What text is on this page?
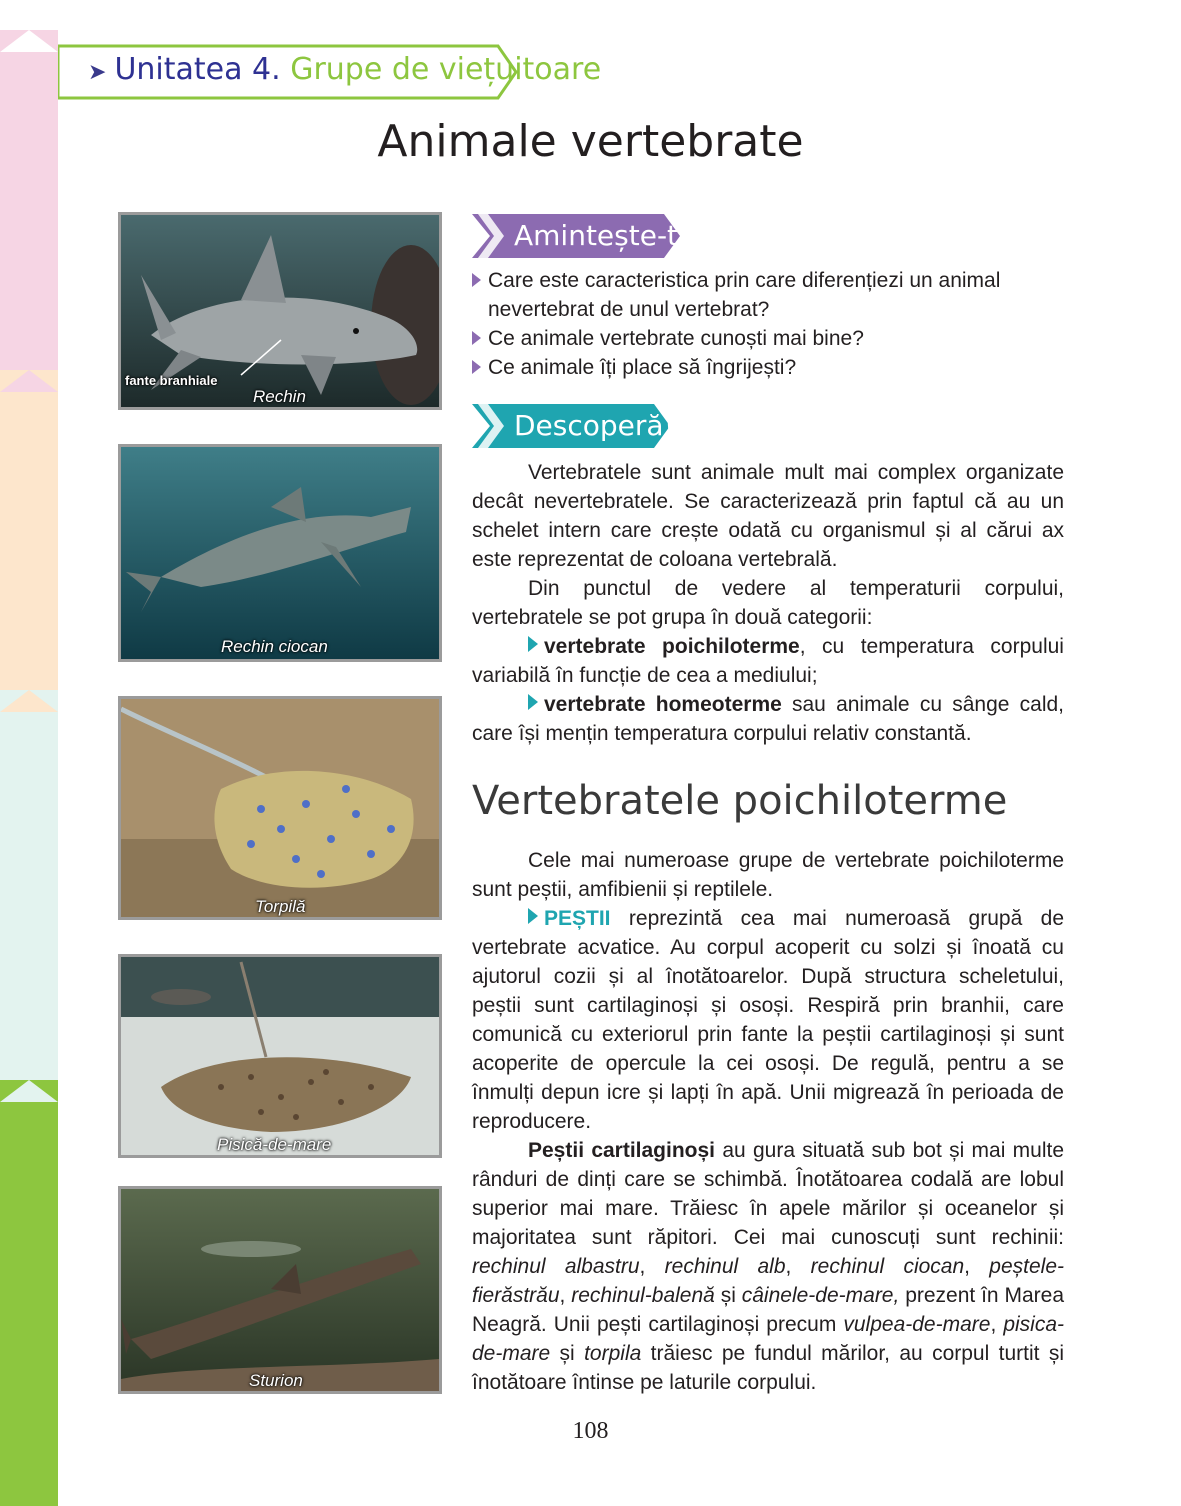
➤ Unitatea 4. Grupe de viețuitoare
Animale vertebrate
fante branhiale
Rechin
Rechin ciocan
Torpilă
Pisică-de-mare
Sturion
Amintește-ți!
Care este caracteristica prin care diferențiezi un animal nevertebrat de unul vertebrat?
Ce animale vertebrate cunoști mai bine?
Ce animale îți place să îngrijești?
Descoperă!
Vertebratele sunt animale mult mai complex organizate decât nevertebratele. Se caracterizează prin faptul că au un schelet intern care crește odată cu organismul și al cărui ax este reprezentat de coloana vertebrală.
Din punctul de vedere al temperaturii corpului, vertebratele se pot grupa în două categorii:
vertebrate poichiloterme, cu temperatura corpului variabilă în funcție de cea a mediului;
vertebrate homeoterme sau animale cu sânge cald, care își mențin temperatura corpului relativ constantă.
Vertebratele poichiloterme
Cele mai numeroase grupe de vertebrate poichiloterme sunt peștii, amfibienii și reptilele.
PEȘTII reprezintă cea mai numeroasă grupă de vertebrate acvatice. Au corpul acoperit cu solzi și înoată cu ajutorul cozii și al înotătoarelor. După structura scheletului, peștii sunt cartilaginoși și osoși. Respiră prin branhii, care comunică cu exteriorul prin fante la peștii cartilaginoși și sunt acoperite de opercule la cei osoși. De regulă, pentru a se înmulți depun icre și lapți în apă. Unii migrează în perioada de reproducere.
Peștii cartilaginoși au gura situată sub bot și mai multe rânduri de dinți care se schimbă. Înotătoarea codală are lobul superior mai mare. Trăiesc în apele mărilor și oceanelor și majoritatea sunt răpitori. Cei mai cunoscuți sunt rechinii: rechinul albastru, rechinul alb, rechinul ciocan, peștele-fierăstrău, rechinul-balenă și câinele-de-mare, prezent în Marea Neagră. Unii pești cartilaginoși precum vulpea-de-mare, pisica-de-mare și torpila trăiesc pe fundul mărilor, au corpul turtit și înotătoare întinse pe laturile corpului.
108
